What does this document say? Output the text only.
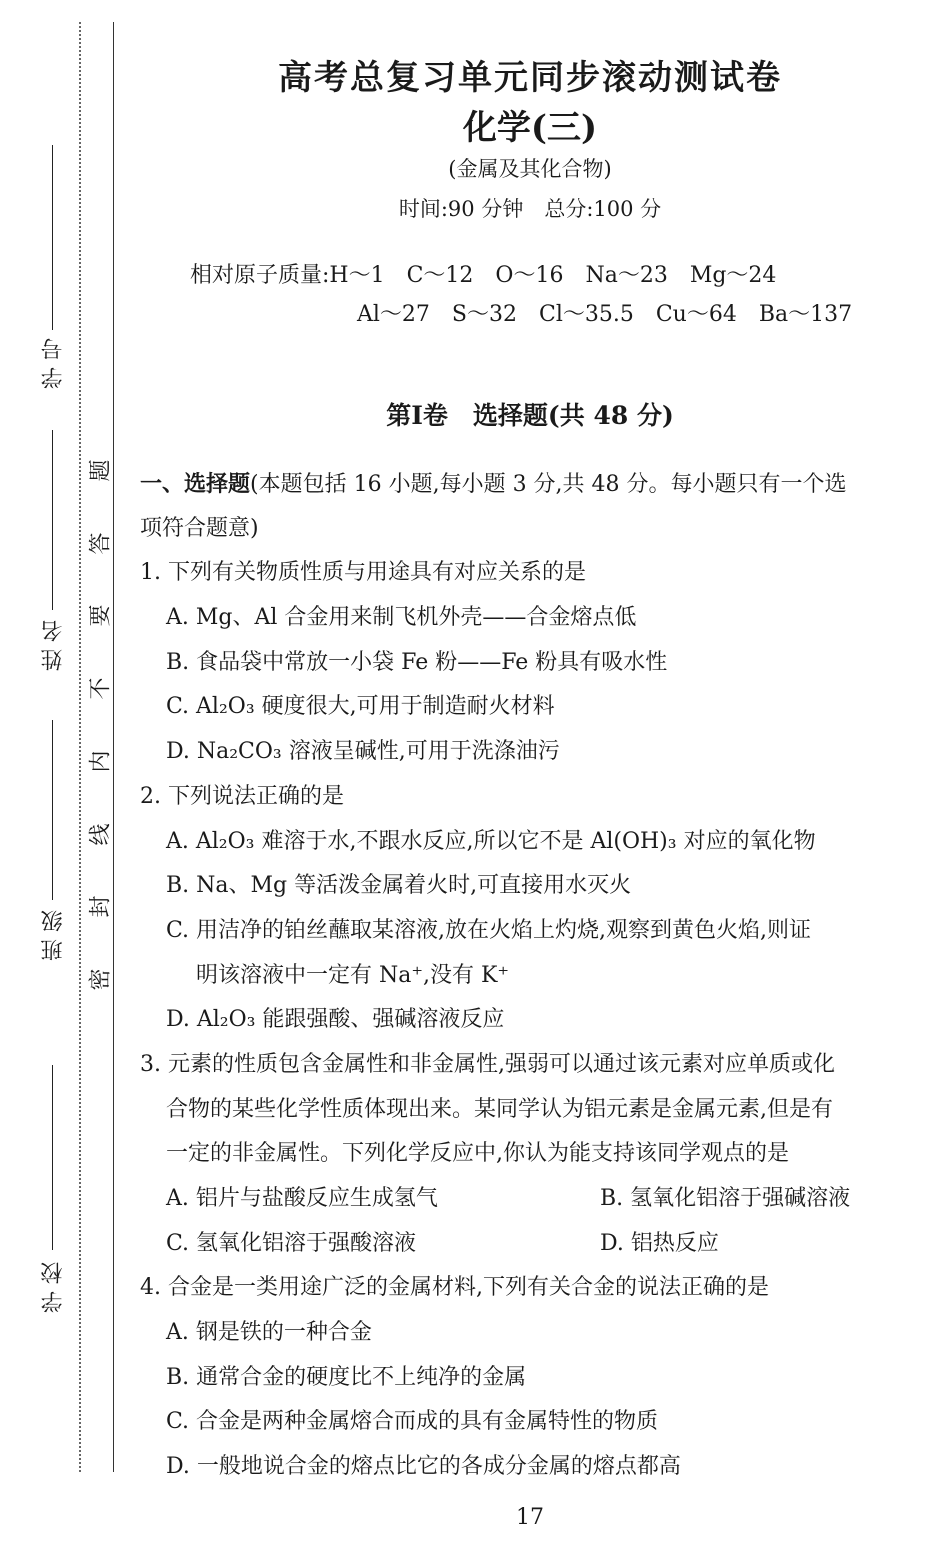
学 号
姓 名
班 级
学 校
题
答
要
不
内
线
封
密
高考总复习单元同步滚动测试卷
化学(三)
(金属及其化合物)
时间:90 分钟　总分:100 分
相对原子质量:H～1　C～12　O～16　Na～23　Mg～24
Al～27　S～32　Cl～35.5　Cu～64　Ba～137
第Ⅰ卷　选择题(共 48 分)
一、选择题(本题包括 16 小题,每小题 3 分,共 48 分。每小题只有一个选
项符合题意)
1. 下列有关物质性质与用途具有对应关系的是
A. Mg、Al 合金用来制飞机外壳——合金熔点低
B. 食品袋中常放一小袋 Fe 粉——Fe 粉具有吸水性
C. Al₂O₃ 硬度很大,可用于制造耐火材料
D. Na₂CO₃ 溶液呈碱性,可用于洗涤油污
2. 下列说法正确的是
A. Al₂O₃ 难溶于水,不跟水反应,所以它不是 Al(OH)₃ 对应的氧化物
B. Na、Mg 等活泼金属着火时,可直接用水灭火
C. 用洁净的铂丝蘸取某溶液,放在火焰上灼烧,观察到黄色火焰,则证
明该溶液中一定有 Na⁺,没有 K⁺
D. Al₂O₃ 能跟强酸、强碱溶液反应
3. 元素的性质包含金属性和非金属性,强弱可以通过该元素对应单质或化
合物的某些化学性质体现出来。某同学认为铝元素是金属元素,但是有
一定的非金属性。下列化学反应中,你认为能支持该同学观点的是
A. 铝片与盐酸反应生成氢气	B. 氢氧化铝溶于强碱溶液
C. 氢氧化铝溶于强酸溶液	D. 铝热反应
4. 合金是一类用途广泛的金属材料,下列有关合金的说法正确的是
A. 钢是铁的一种合金
B. 通常合金的硬度比不上纯净的金属
C. 合金是两种金属熔合而成的具有金属特性的物质
D. 一般地说合金的熔点比它的各成分金属的熔点都高
17
